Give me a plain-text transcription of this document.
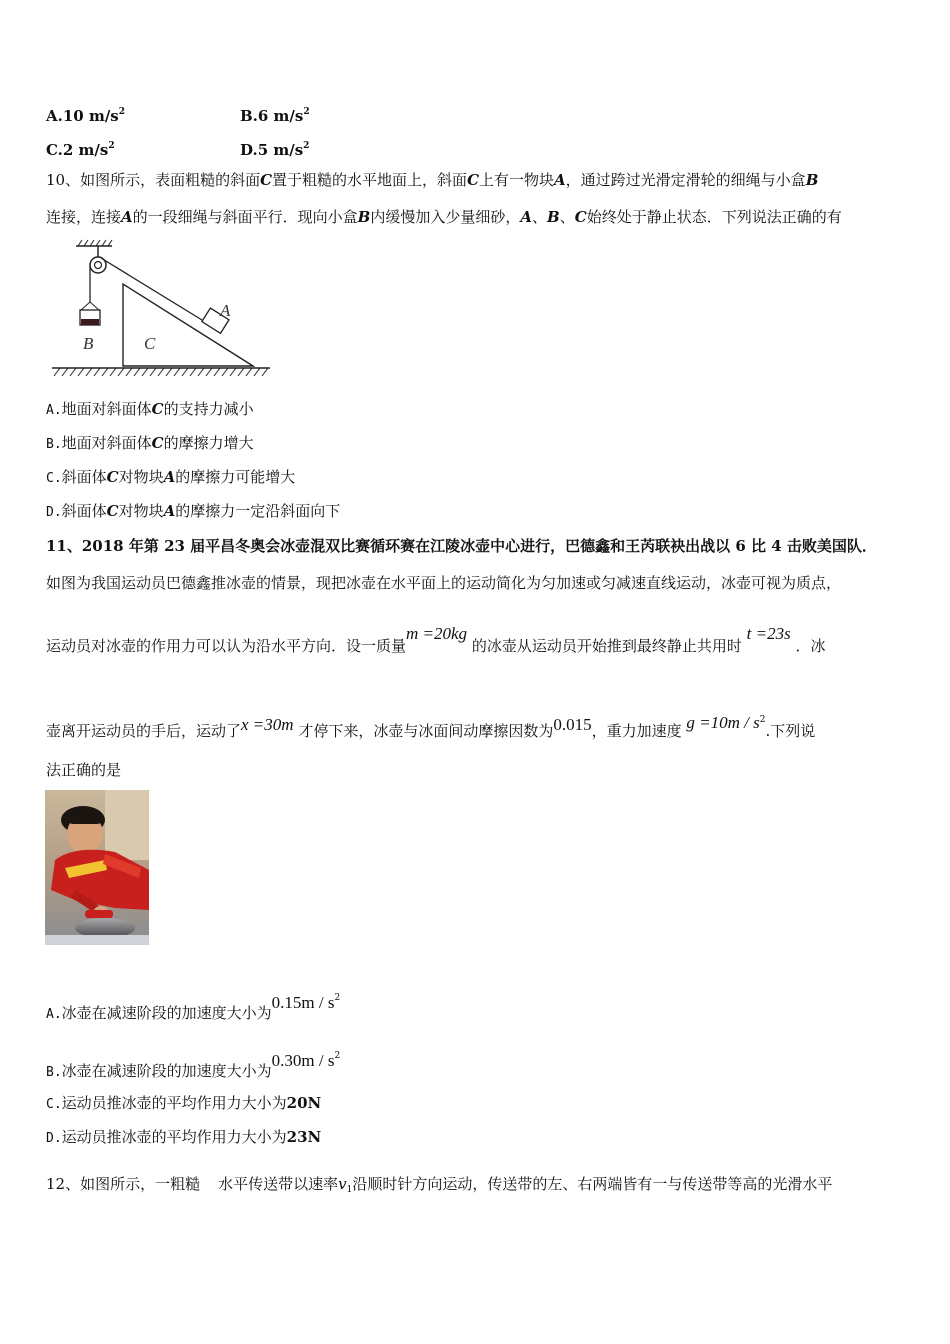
A.10 $m/s^2$	B.6 $m/s^2$
C.2 $m/s^2$	D.5 $m/s^2$
10、如图所示，表面粗糙的斜面C置于粗糙的水平地面上，斜面C上有一物块A，通过跨过光滑定滑轮的细绳与小盒B
连接，连接A的一段细绳与斜面平行．现向小盒B内缓慢加入少量细砂，A、B、C始终处于静止状态．下列说法正确的有
A
B	C
A.地面对斜面体C的支持力减小
B.地面对斜面体C的摩擦力增大
C.斜面体C对物块A的摩擦力可能增大
D.斜面体C对物块A的摩擦力一定沿斜面向下
11、2018 年第 23 届平昌冬奥会冰壶混双比赛循环赛在江陵冰壶中心进行，巴德鑫和王芮联袂出战以 6 比 4 击败美国队．
如图为我国运动员巴德鑫推冰壶的情景，现把冰壶在水平面上的运动简化为匀加速或匀减速直线运动，冰壶可视为质点，
运动员对冰壶的作用力可以认为沿水平方向．设一质量m =20kg 的冰壶从运动员开始推到最终静止共用时 t =23s ．冰
壶离开运动员的手后，运动了x =30m 才停下来，冰壶与冰面间动摩擦因数为0.015，重力加速度 $g =10m / s^2$.下列说
法正确的是
A.冰壶在减速阶段的加速度大小为$0.15m / s^2$
B.冰壶在减速阶段的加速度大小为$0.30m / s^2$
C.运动员推冰壶的平均作用力大小为20N
D.运动员推冰壶的平均作用力大小为23N
12、如图所示，一粗糙 水平传送带以速率$v_1$沿顺时针方向运动，传送带的左、右两端皆有一与传送带等高的光滑水平
